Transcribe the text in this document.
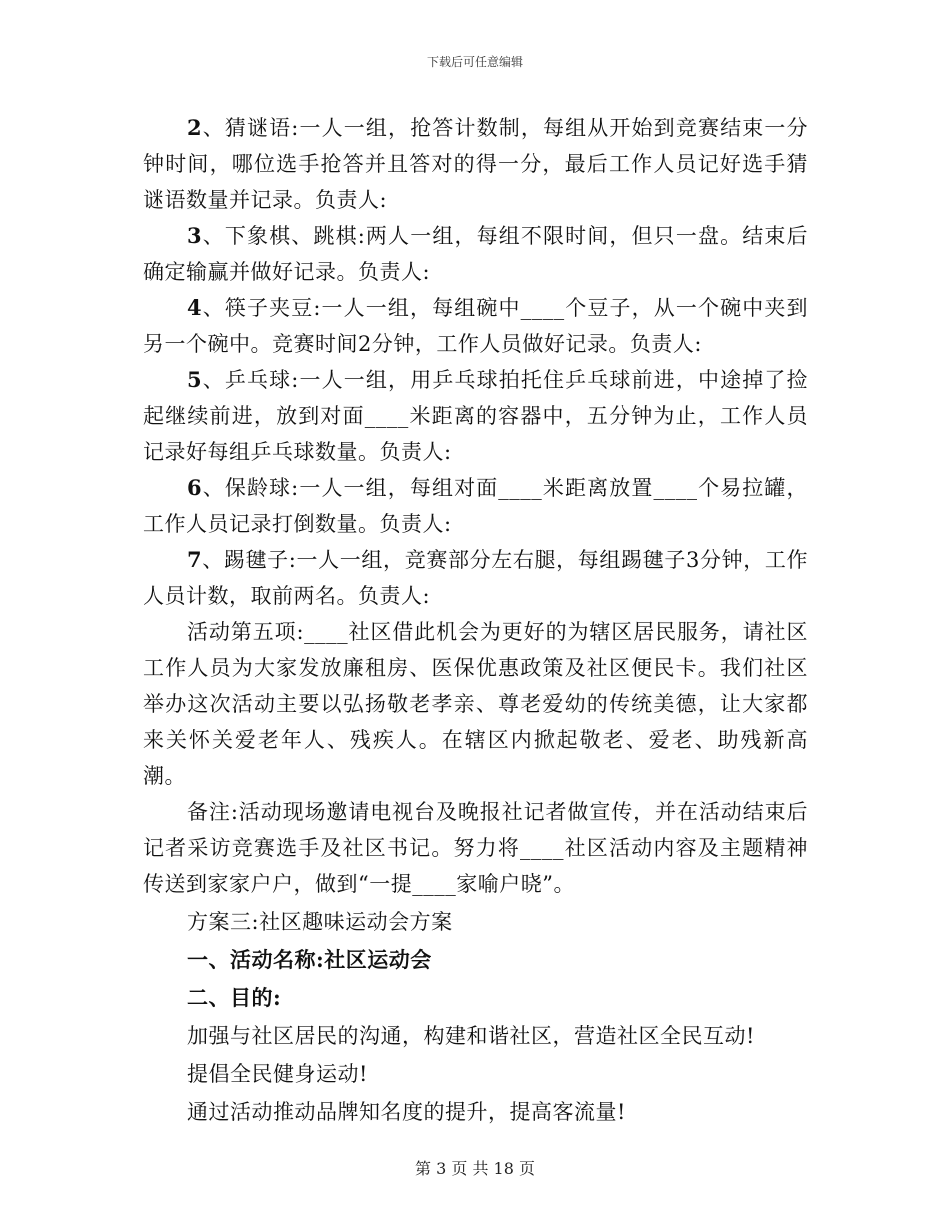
下载后可任意编辑

2、猜谜语:一人一组，抢答计数制，每组从开始到竞赛结束一分钟时间，哪位选手抢答并且答对的得一分，最后工作人员记好选手猜谜语数量并记录。负责人:

3、下象棋、跳棋:两人一组，每组不限时间，但只一盘。结束后确定输赢并做好记录。负责人:

4、筷子夹豆:一人一组，每组碗中____个豆子，从一个碗中夹到另一个碗中。竞赛时间2分钟，工作人员做好记录。负责人:

5、乒乓球:一人一组，用乒乓球拍托住乒乓球前进，中途掉了捡起继续前进，放到对面____米距离的容器中，五分钟为止，工作人员记录好每组乒乓球数量。负责人:

6、保龄球:一人一组，每组对面____米距离放置____个易拉罐，工作人员记录打倒数量。负责人:

7、踢毽子:一人一组，竞赛部分左右腿，每组踢毽子3分钟，工作人员计数，取前两名。负责人:

活动第五项:____社区借此机会为更好的为辖区居民服务，请社区工作人员为大家发放廉租房、医保优惠政策及社区便民卡。我们社区举办这次活动主要以弘扬敬老孝亲、尊老爱幼的传统美德，让大家都来关怀关爱老年人、残疾人。在辖区内掀起敬老、爱老、助残新高潮。

备注:活动现场邀请电视台及晚报社记者做宣传，并在活动结束后记者采访竞赛选手及社区书记。努力将____社区活动内容及主题精神传送到家家户户，做到“一提____家喻户晓”。

方案三:社区趣味运动会方案

一、活动名称:社区运动会

二、目的:

加强与社区居民的沟通，构建和谐社区，营造社区全民互动!

提倡全民健身运动!

通过活动推动品牌知名度的提升，提高客流量!

第 3 页 共 18 页
